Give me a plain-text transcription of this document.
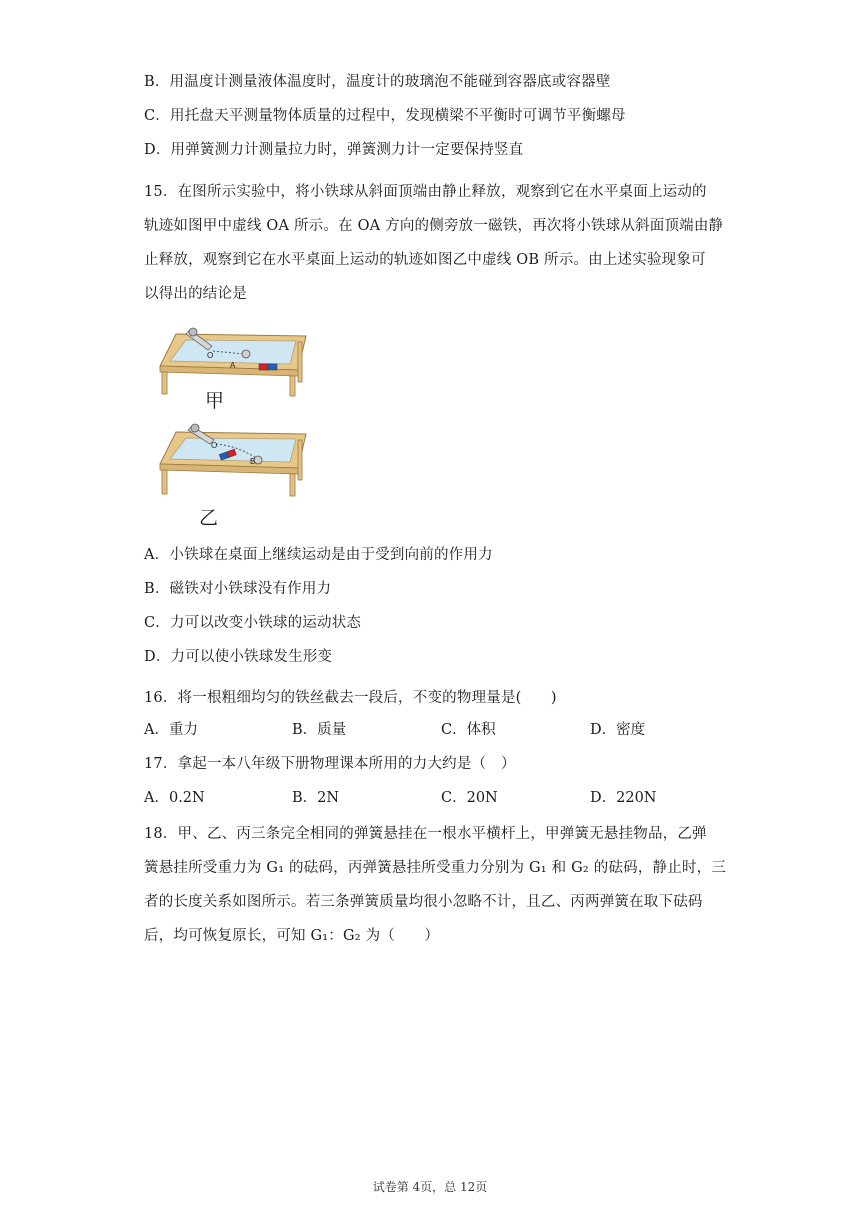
B．用温度计测量液体温度时，温度计的玻璃泡不能碰到容器底或容器壁
C．用托盘天平测量物体质量的过程中，发现横梁不平衡时可调节平衡螺母
D．用弹簧测力计测量拉力时，弹簧测力计一定要保持竖直
15．在图所示实验中，将小铁球从斜面顶端由静止释放，观察到它在水平桌面上运动的
轨迹如图甲中虚线 OA 所示。在 OA 方向的侧旁放一磁铁，再次将小铁球从斜面顶端由静
止释放，观察到它在水平桌面上运动的轨迹如图乙中虚线 OB 所示。由上述实验现象可
以得出的结论是
O
A
甲
O
B
乙
A．小铁球在桌面上继续运动是由于受到向前的作用力
B．磁铁对小铁球没有作用力
C．力可以改变小铁球的运动状态
D．力可以使小铁球发生形变
16．将一根粗细均匀的铁丝截去一段后，不变的物理量是(　　)
A．重力	B．质量	C．体积	D．密度
17．拿起一本八年级下册物理课本所用的力大约是（　）
A．0.2N	B．2N	C．20N	D．220N
18．甲、乙、丙三条完全相同的弹簧悬挂在一根水平横杆上，甲弹簧无悬挂物品，乙弹
簧悬挂所受重力为 G₁ 的砝码，丙弹簧悬挂所受重力分别为 G₁ 和 G₂ 的砝码，静止时，三
者的长度关系如图所示。若三条弹簧质量均很小忽略不计，且乙、丙两弹簧在取下砝码
后，均可恢复原长，可知 G₁：G₂ 为（　　）
试卷第 4页，总 12页
